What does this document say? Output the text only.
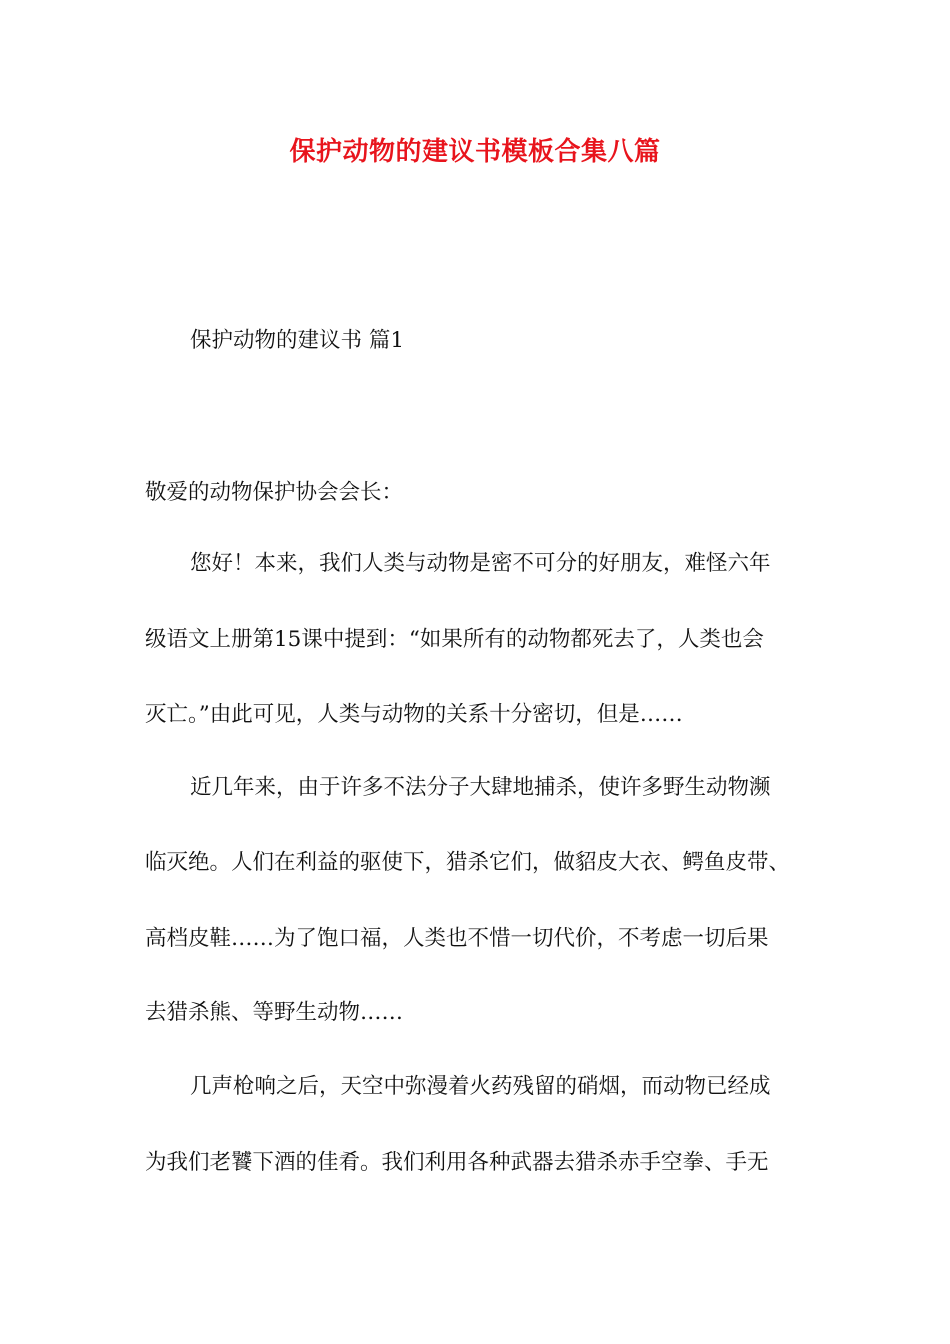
保护动物的建议书模板合集八篇
保护动物的建议书 篇1
敬爱的动物保护协会会长：
您好！本来，我们人类与动物是密不可分的好朋友，难怪六年
级语文上册第15课中提到：“如果所有的动物都死去了，人类也会
灭亡。”由此可见，人类与动物的关系十分密切，但是……
近几年来，由于许多不法分子大肆地捕杀，使许多野生动物濒
临灭绝。人们在利益的驱使下，猎杀它们，做貂皮大衣、鳄鱼皮带、
高档皮鞋……为了饱口福，人类也不惜一切代价，不考虑一切后果
去猎杀熊、等野生动物……
几声枪响之后，天空中弥漫着火药残留的硝烟，而动物已经成
为我们老饕下酒的佳肴。我们利用各种武器去猎杀赤手空拳、手无
